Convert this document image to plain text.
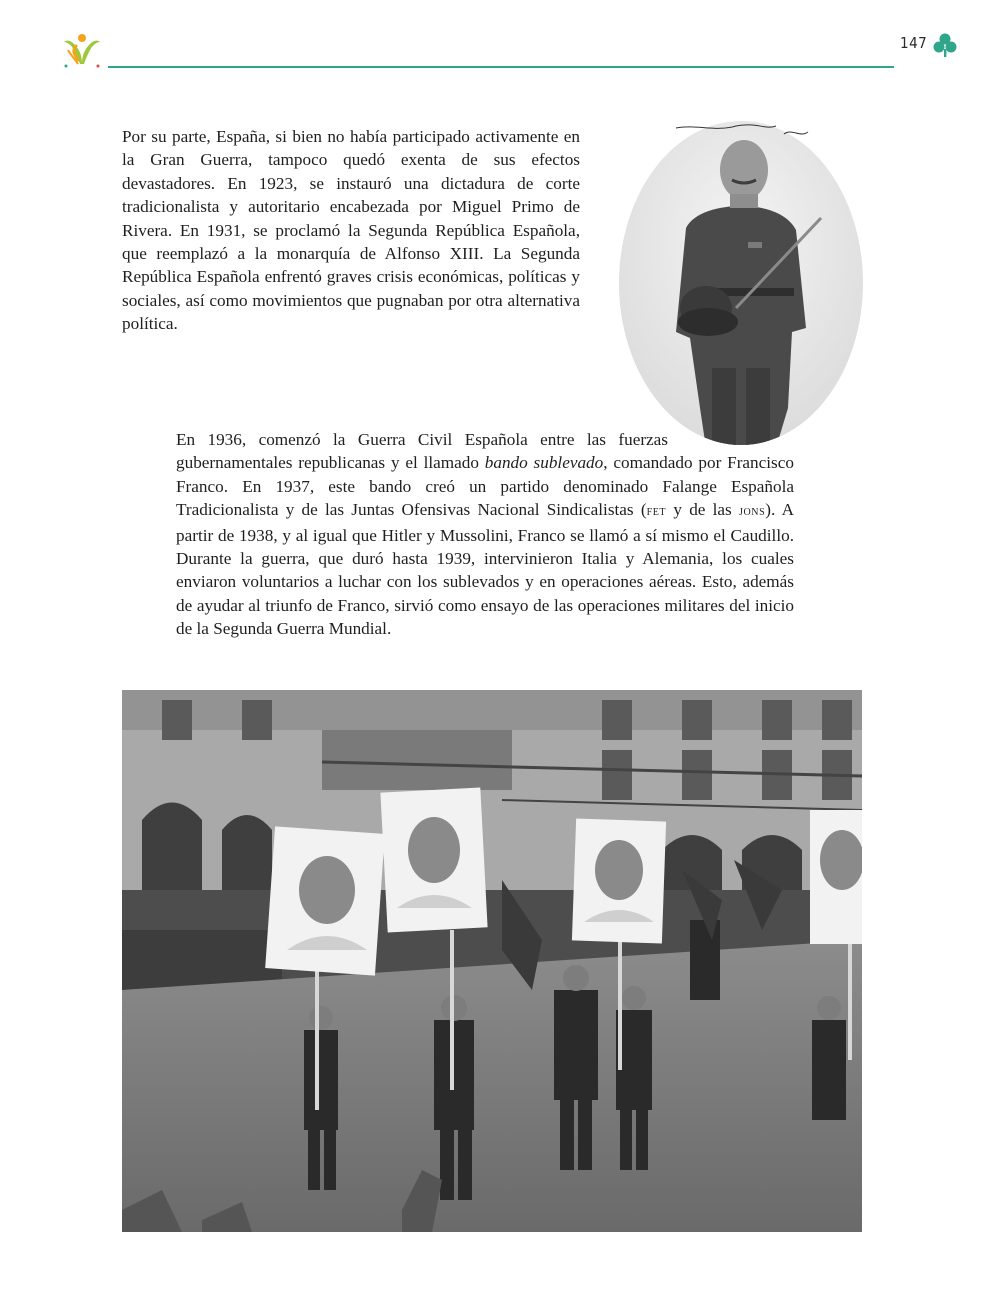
147

Por su parte, España, si bien no había participado activamente en la Gran Guerra, tampoco quedó exenta de sus efectos devastadores. En 1923, se instauró una dictadura de corte tradicionalista y autoritario encabezada por Miguel Primo de Rivera. En 1931, se proclamó la Segunda República Española, que reemplazó a la monarquía de Alfonso XIII. La Segunda República Española enfrentó graves crisis económicas, políticas y sociales, así como movimientos que pugnaban por otra alternativa política.

En 1936, comenzó la Guerra Civil Española entre las fuerzas
gubernamentales republicanas y el llamado bando sublevado, comandado por Francisco Franco. En 1937, este bando creó un partido denominado Falange Española Tradicionalista y de las Juntas Ofensivas Nacional Sindicalistas (fet y de las jons). A partir de 1938, y al igual que Hitler y Mussolini, Franco se llamó a sí mismo el Caudillo. Durante la guerra, que duró hasta 1939, intervinieron Italia y Alemania, los cuales enviaron voluntarios a luchar con los sublevados y en operaciones aéreas. Esto, además de ayudar al triunfo de Franco, sirvió como ensayo de las operaciones militares del inicio de la Segunda Guerra Mundial.
